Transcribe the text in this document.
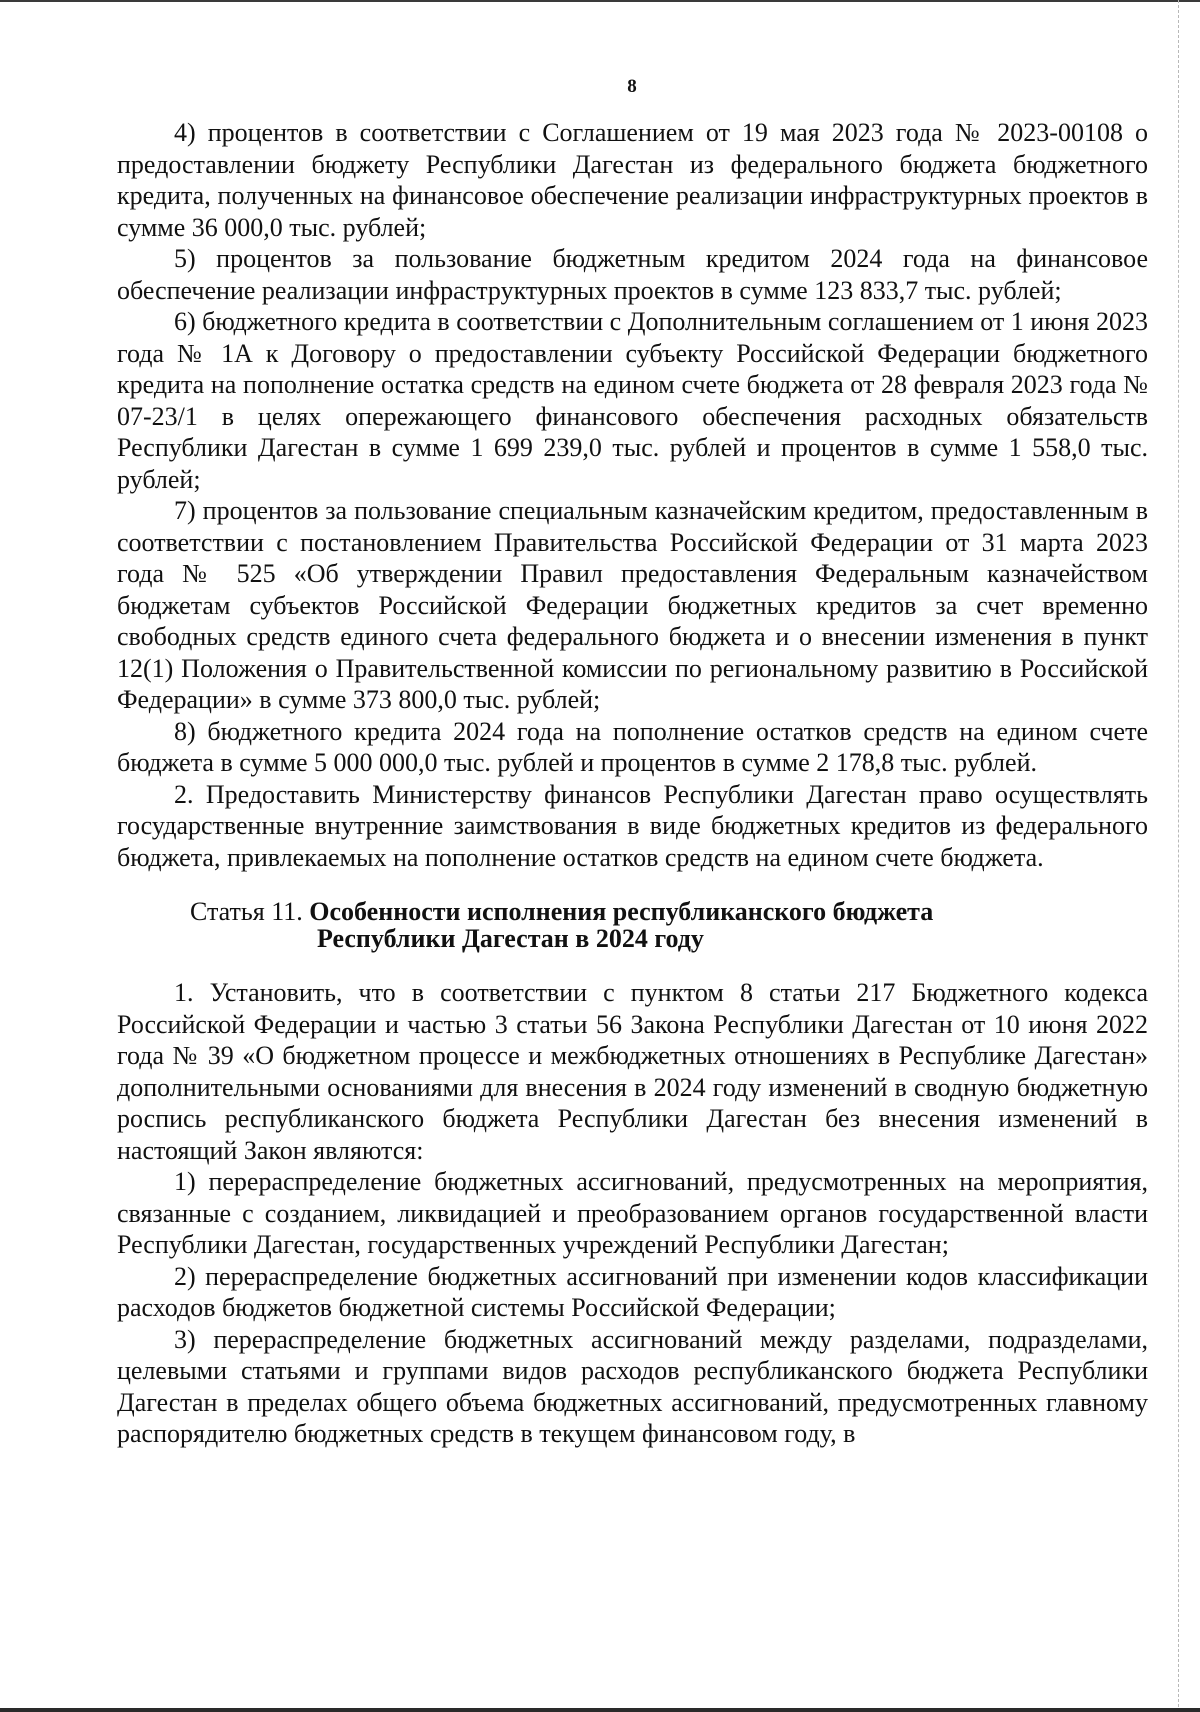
8

4) процентов в соответствии с Соглашением от 19 мая 2023 года № 2023-00108 о предоставлении бюджету Республики Дагестан из федерального бюджета бюджетного кредита, полученных на финансовое обеспечение реализации инфраструктурных проектов в сумме 36 000,0 тыс. рублей;

5) процентов за пользование бюджетным кредитом 2024 года на финансовое обеспечение реализации инфраструктурных проектов в сумме 123 833,7 тыс. рублей;

6) бюджетного кредита в соответствии с Дополнительным соглашением от 1 июня 2023 года № 1А к Договору о предоставлении субъекту Российской Федерации бюджетного кредита на пополнение остатка средств на едином счете бюджета от 28 февраля 2023 года № 07-23/1 в целях опережающего финансового обеспечения расходных обязательств Республики Дагестан в сумме 1 699 239,0 тыс. рублей и процентов в сумме 1 558,0 тыс. рублей;

7) процентов за пользование специальным казначейским кредитом, предоставленным в соответствии с постановлением Правительства Российской Федерации от 31 марта 2023 года № 525 «Об утверждении Правил предоставления Федеральным казначейством бюджетам субъектов Российской Федерации бюджетных кредитов за счет временно свободных средств единого счета федерального бюджета и о внесении изменения в пункт 12(1) Положения о Правительственной комиссии по региональному развитию в Российской Федерации» в сумме 373 800,0 тыс. рублей;

8) бюджетного кредита 2024 года на пополнение остатков средств на едином счете бюджета в сумме 5 000 000,0 тыс. рублей и процентов в сумме 2 178,8 тыс. рублей.

2. Предоставить Министерству финансов Республики Дагестан право осуществлять государственные внутренние заимствования в виде бюджетных кредитов из федерального бюджета, привлекаемых на пополнение остатков средств на едином счете бюджета.

Статья 11. Особенности исполнения республиканского бюджета
Республики Дагестан в 2024 году

1. Установить, что в соответствии с пунктом 8 статьи 217 Бюджетного кодекса Российской Федерации и частью 3 статьи 56 Закона Республики Дагестан от 10 июня 2022 года № 39 «О бюджетном процессе и межбюджетных отношениях в Республике Дагестан» дополнительными основаниями для внесения в 2024 году изменений в сводную бюджетную роспись республиканского бюджета Республики Дагестан без внесения изменений в настоящий Закон являются:

1) перераспределение бюджетных ассигнований, предусмотренных на мероприятия, связанные с созданием, ликвидацией и преобразованием органов государственной власти Республики Дагестан, государственных учреждений Республики Дагестан;

2) перераспределение бюджетных ассигнований при изменении кодов классификации расходов бюджетов бюджетной системы Российской Федерации;

3) перераспределение бюджетных ассигнований между разделами, подразделами, целевыми статьями и группами видов расходов республиканского бюджета Республики Дагестан в пределах общего объема бюджетных ассигнований, предусмотренных главному распорядителю бюджетных средств в текущем финансовом году, в
